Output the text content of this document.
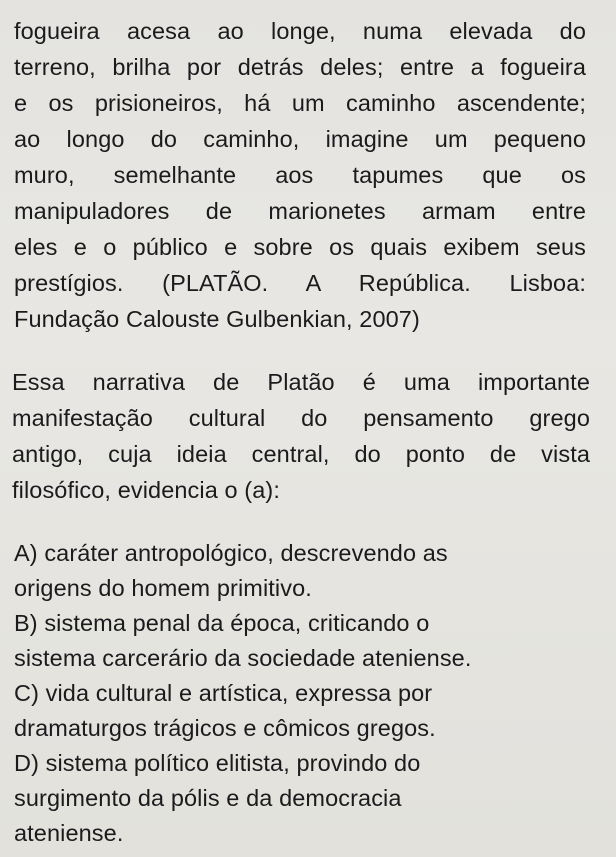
fogueira acesa ao longe, numa elevada do
terreno, brilha por detrás deles; entre a fogueira
e os prisioneiros, há um caminho ascendente;
ao longo do caminho, imagine um pequeno
muro, semelhante aos tapumes que os
manipuladores de marionetes armam entre
eles e o público e sobre os quais exibem seus
prestígios. (PLATÃO. A República. Lisboa:
Fundação Calouste Gulbenkian, 2007)
Essa narrativa de Platão é uma importante
manifestação cultural do pensamento grego
antigo, cuja ideia central, do ponto de vista
filosófico, evidencia o (a):
A) caráter antropológico, descrevendo as
origens do homem primitivo.
B) sistema penal da época, criticando o
sistema carcerário da sociedade ateniense.
C) vida cultural e artística, expressa por
dramaturgos trágicos e cômicos gregos.
D) sistema político elitista, provindo do
surgimento da pólis e da democracia
ateniense.
